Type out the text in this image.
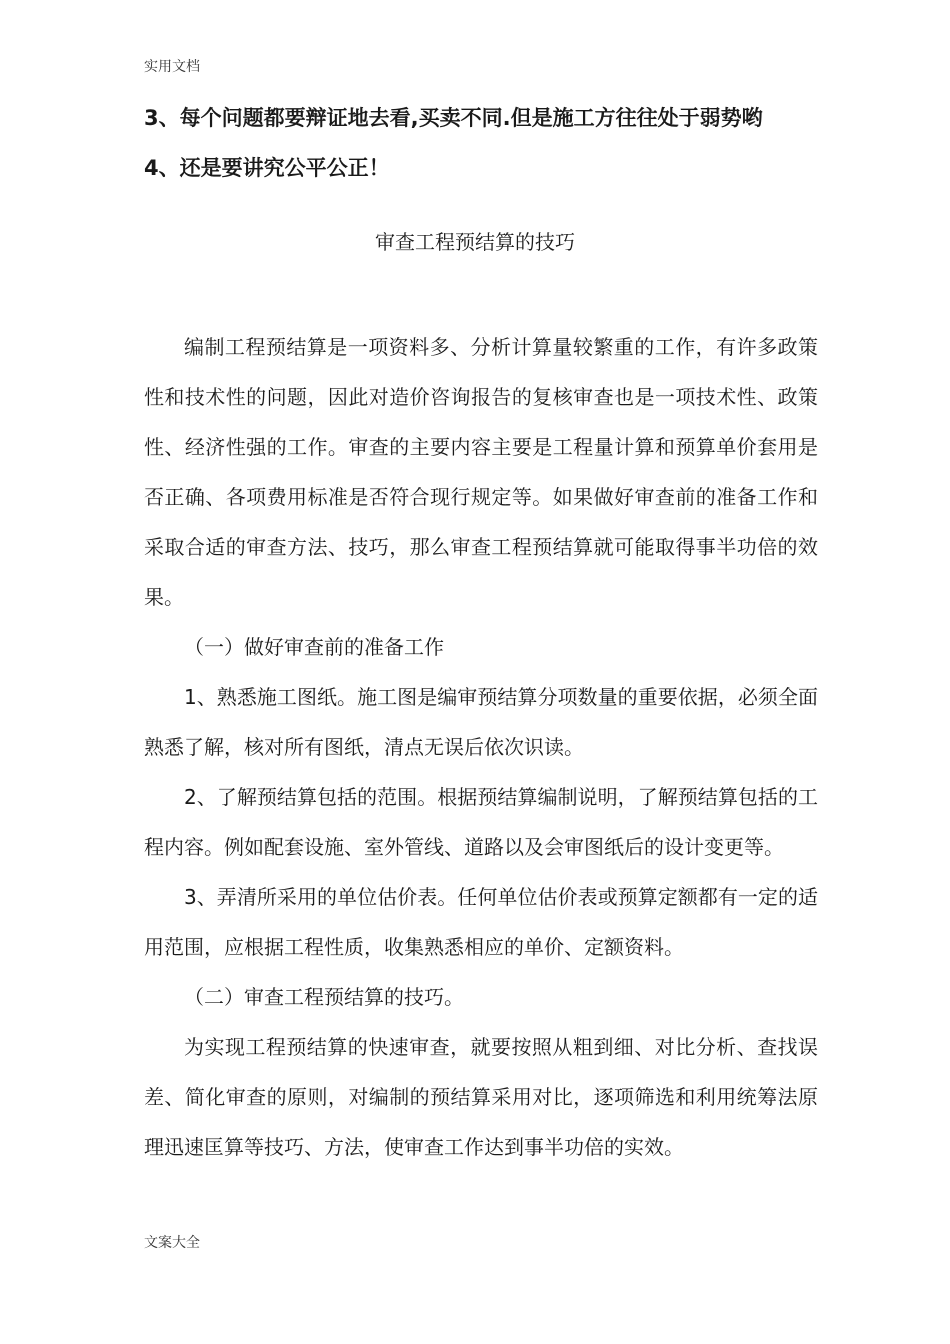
实用文档
3、每个问题都要辩证地去看,买卖不同.但是施工方往往处于弱势哟
4、还是要讲究公平公正！
审查工程预结算的技巧

编制工程预结算是一项资料多、分析计算量较繁重的工作，有许多政策性和技术性的问题，因此对造价咨询报告的复核审查也是一项技术性、政策性、经济性强的工作。审查的主要内容主要是工程量计算和预算单价套用是否正确、各项费用标准是否符合现行规定等。如果做好审查前的准备工作和采取合适的审查方法、技巧，那么审查工程预结算就可能取得事半功倍的效果。

（一）做好审查前的准备工作

1、熟悉施工图纸。施工图是编审预结算分项数量的重要依据，必须全面熟悉了解，核对所有图纸，清点无误后依次识读。

2、了解预结算包括的范围。根据预结算编制说明，了解预结算包括的工程内容。例如配套设施、室外管线、道路以及会审图纸后的设计变更等。

3、弄清所采用的单位估价表。任何单位估价表或预算定额都有一定的适用范围，应根据工程性质，收集熟悉相应的单价、定额资料。

（二）审查工程预结算的技巧。

为实现工程预结算的快速审查，就要按照从粗到细、对比分析、查找误差、简化审查的原则，对编制的预结算采用对比，逐项筛选和利用统筹法原理迅速匡算等技巧、方法，使审查工作达到事半功倍的实效。

文案大全
